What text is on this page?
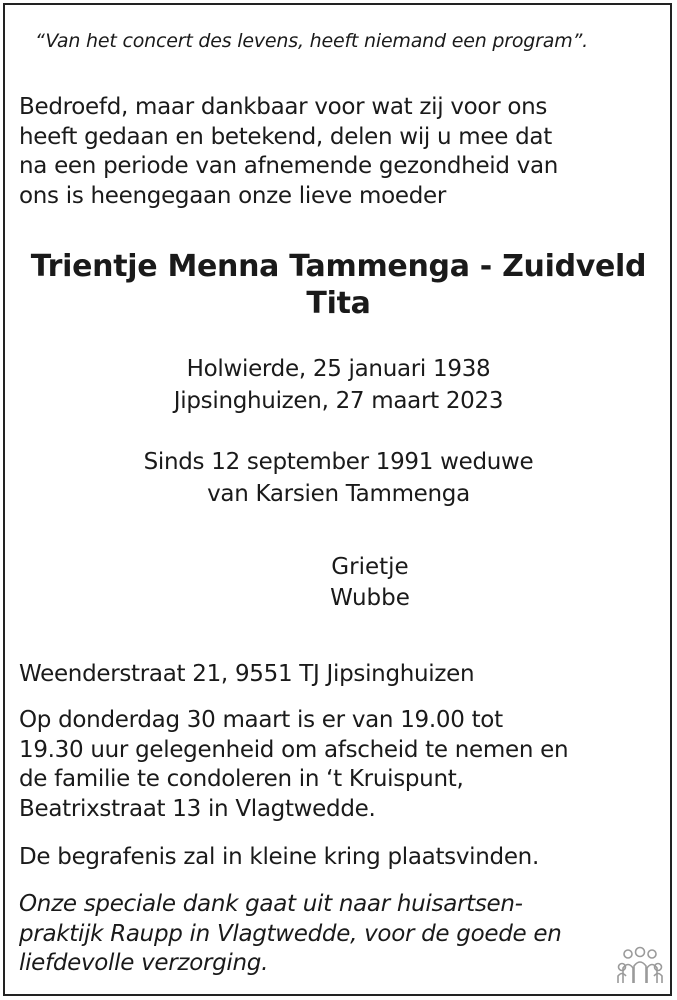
“Van het concert des levens, heeft niemand een program”.
Bedroefd, maar dankbaar voor wat zij voor ons
heeft gedaan en betekend, delen wij u mee dat
na een periode van afnemende gezondheid van
ons is heengegaan onze lieve moeder
Trientje Menna Tammenga - Zuidveld
Tita
Holwierde, 25 januari 1938
Jipsinghuizen, 27 maart 2023
Sinds 12 september 1991 weduwe
van Karsien Tammenga
Grietje
Wubbe
Weenderstraat 21, 9551 TJ Jipsinghuizen
Op donderdag 30 maart is er van 19.00 tot
19.30 uur gelegenheid om afscheid te nemen en
de familie te condoleren in ‘t Kruispunt,
Beatrixstraat 13 in Vlagtwedde.
De begrafenis zal in kleine kring plaatsvinden.
Onze speciale dank gaat uit naar huisartsen-
praktijk Raupp in Vlagtwedde, voor de goede en
liefdevolle verzorging.
